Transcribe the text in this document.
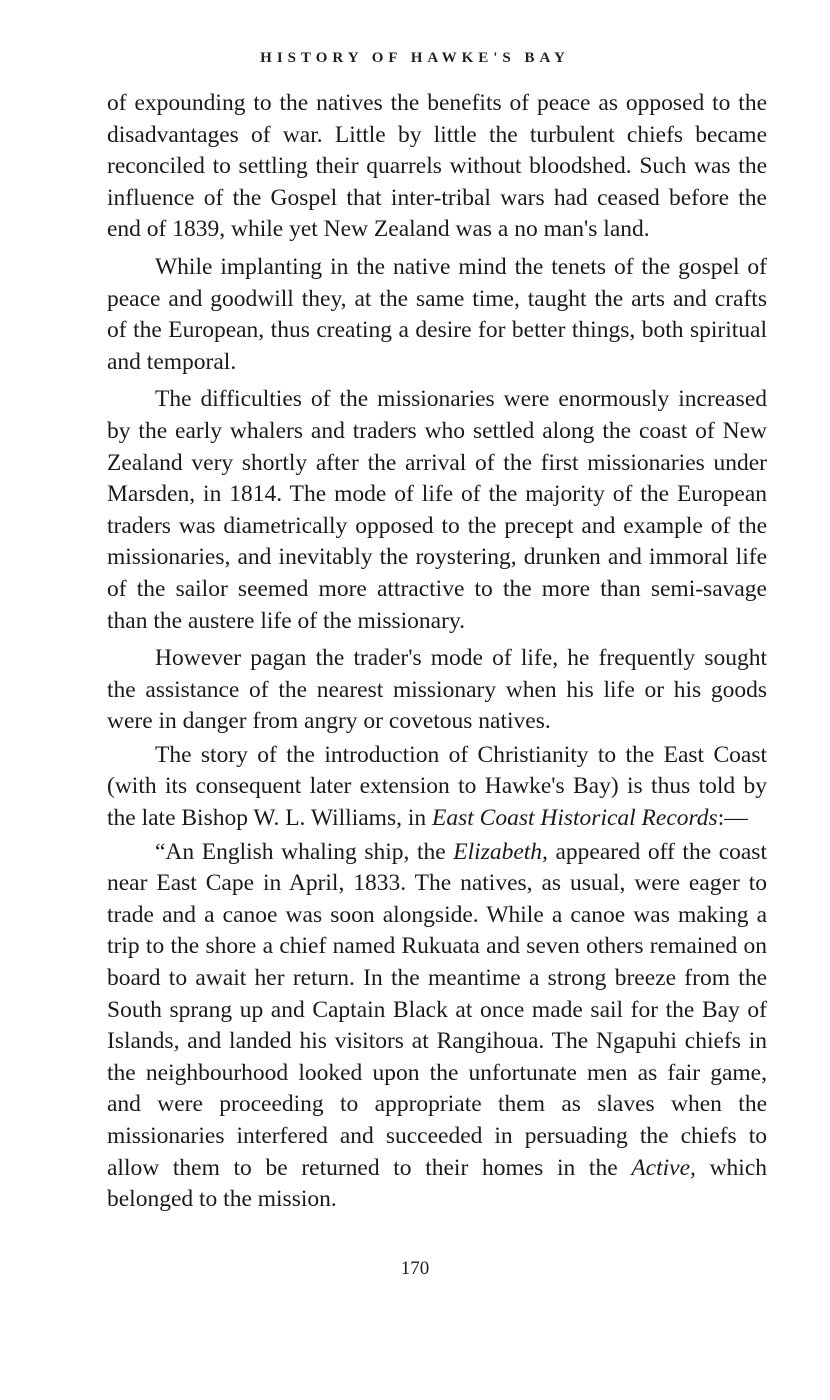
HISTORY OF HAWKE'S BAY

of expounding to the natives the benefits of peace as opposed to the disadvantages of war. Little by little the turbulent chiefs became reconciled to settling their quarrels without bloodshed. Such was the influence of the Gospel that inter-tribal wars had ceased before the end of 1839, while yet New Zealand was a no man's land.

While implanting in the native mind the tenets of the gospel of peace and goodwill they, at the same time, taught the arts and crafts of the European, thus creating a desire for better things, both spiritual and temporal.

The difficulties of the missionaries were enormously increased by the early whalers and traders who settled along the coast of New Zealand very shortly after the arrival of the first missionaries under Marsden, in 1814. The mode of life of the majority of the European traders was diametrically opposed to the precept and example of the missionaries, and inevitably the roystering, drunken and immoral life of the sailor seemed more attractive to the more than semi-savage than the austere life of the missionary.

However pagan the trader's mode of life, he frequently sought the assistance of the nearest missionary when his life or his goods were in danger from angry or covetous natives.

The story of the introduction of Christianity to the East Coast (with its consequent later extension to Hawke's Bay) is thus told by the late Bishop W. L. Williams, in East Coast Historical Records:—

“An English whaling ship, the Elizabeth, appeared off the coast near East Cape in April, 1833. The natives, as usual, were eager to trade and a canoe was soon alongside. While a canoe was making a trip to the shore a chief named Rukuata and seven others remained on board to await her return. In the meantime a strong breeze from the South sprang up and Captain Black at once made sail for the Bay of Islands, and landed his visitors at Rangihoua. The Ngapuhi chiefs in the neighbourhood looked upon the unfortunate men as fair game, and were proceeding to appropriate them as slaves when the missionaries interfered and succeeded in persuading the chiefs to allow them to be returned to their homes in the Active, which belonged to the mission.

170
